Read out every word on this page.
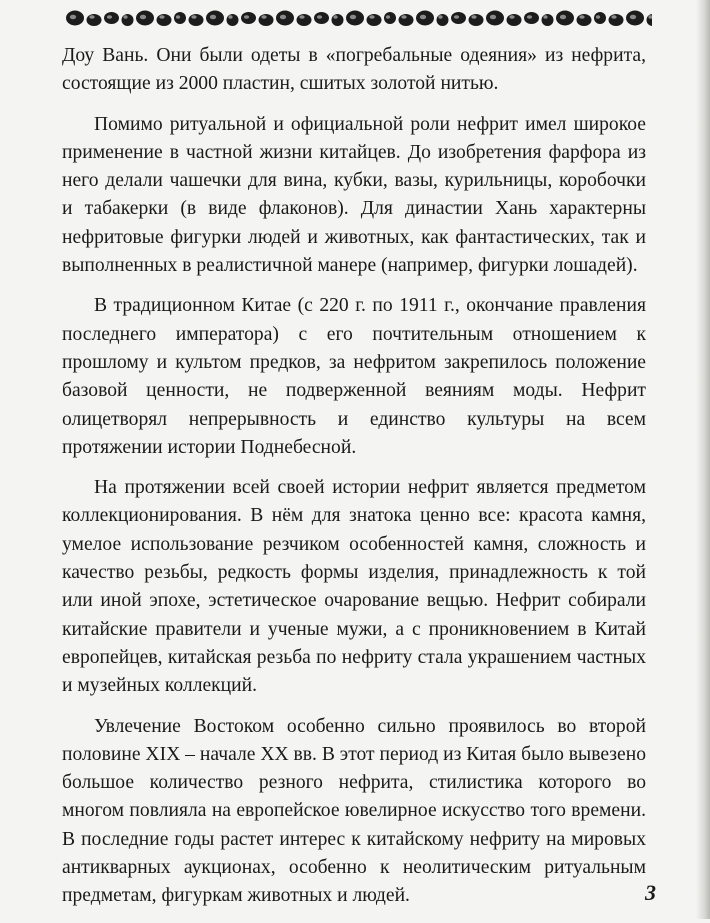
Доу Вань. Они были одеты в «погребальные одеяния» из нефрита, состоящие из 2000 пластин, сшитых золотой нитью.

Помимо ритуальной и официальной роли нефрит имел широкое применение в частной жизни китайцев. До изобретения фарфора из него делали чашечки для вина, кубки, вазы, курильницы, коробочки и табакерки (в виде флаконов). Для династии Хань характерны нефритовые фигурки людей и животных, как фантастических, так и выполненных в реалистичной манере (например, фигурки лошадей).

В традиционном Китае (с 220 г. по 1911 г., окончание правления последнего императора) с его почтительным отношением к прошлому и культом предков, за нефритом закрепилось положение базовой ценности, не подверженной веяниям моды. Нефрит олицетворял непрерывность и единство культуры на всем протяжении истории Поднебесной.

На протяжении всей своей истории нефрит является предметом коллекционирования. В нём для знатока ценно все: красота камня, умелое использование резчиком особенностей камня, сложность и качество резьбы, редкость формы изделия, принадлежность к той или иной эпохе, эстетическое очарование вещью. Нефрит собирали китайские правители и ученые мужи, а с проникновением в Китай европейцев, китайская резьба по нефриту стала украшением частных и музейных коллекций.

Увлечение Востоком особенно сильно проявилось во второй половине XIX – начале XX вв. В этот период из Китая было вывезено большое количество резного нефрита, стилистика которого во многом повлияла на европейское ювелирное искусство того времени. В последние годы растет интерес к китайскому нефриту на мировых антикварных аукционах, особенно к неолитическим ритуальным предметам, фигуркам животных и людей.	3
